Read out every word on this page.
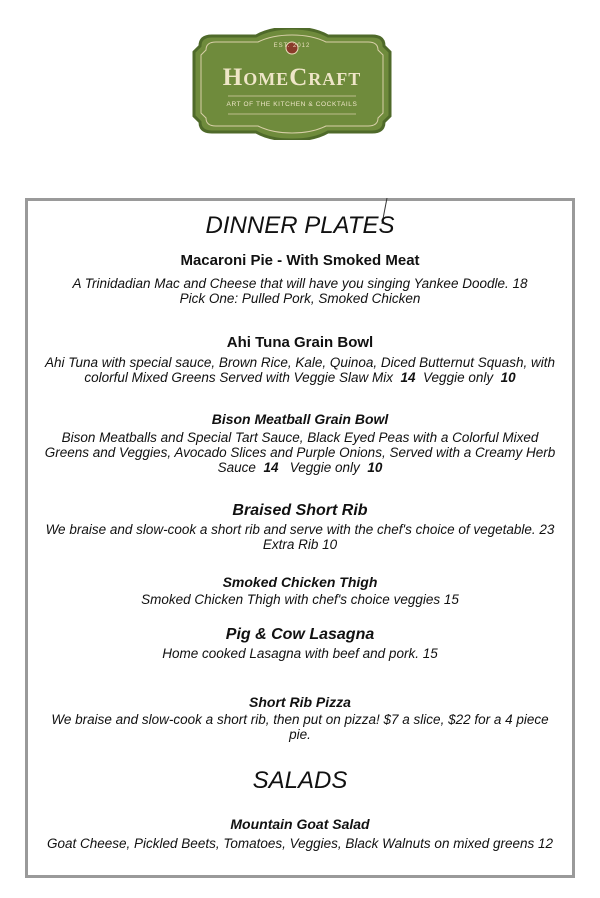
EST. 2012
HomeCraft
ART OF THE KITCHEN & COCKTAILS
DINNER PLATES
Macaroni Pie - With Smoked Meat
A Trinidadian Mac and Cheese that will have you singing Yankee Doodle. 18
Pick One: Pulled Pork, Smoked Chicken
Ahi Tuna Grain Bowl
Ahi Tuna with special sauce, Brown Rice, Kale, Quinoa, Diced Butternut Squash, with
colorful Mixed Greens Served with Veggie Slaw Mix 14 Veggie only 10
Bison Meatball Grain Bowl
Bison Meatballs and Special Tart Sauce, Black Eyed Peas with a Colorful Mixed
Greens and Veggies, Avocado Slices and Purple Onions, Served with a Creamy Herb
Sauce 14 Veggie only 10
Braised Short Rib
We braise and slow-cook a short rib and serve with the chef's choice of vegetable. 23
Extra Rib 10
Smoked Chicken Thigh
Smoked Chicken Thigh with chef's choice veggies 15
Pig & Cow Lasagna
Home cooked Lasagna with beef and pork. 15
Short Rib Pizza
We braise and slow-cook a short rib, then put on pizza! $7 a slice, $22 for a 4 piece
pie.
SALADS
Mountain Goat Salad
Goat Cheese, Pickled Beets, Tomatoes, Veggies, Black Walnuts on mixed greens 12
